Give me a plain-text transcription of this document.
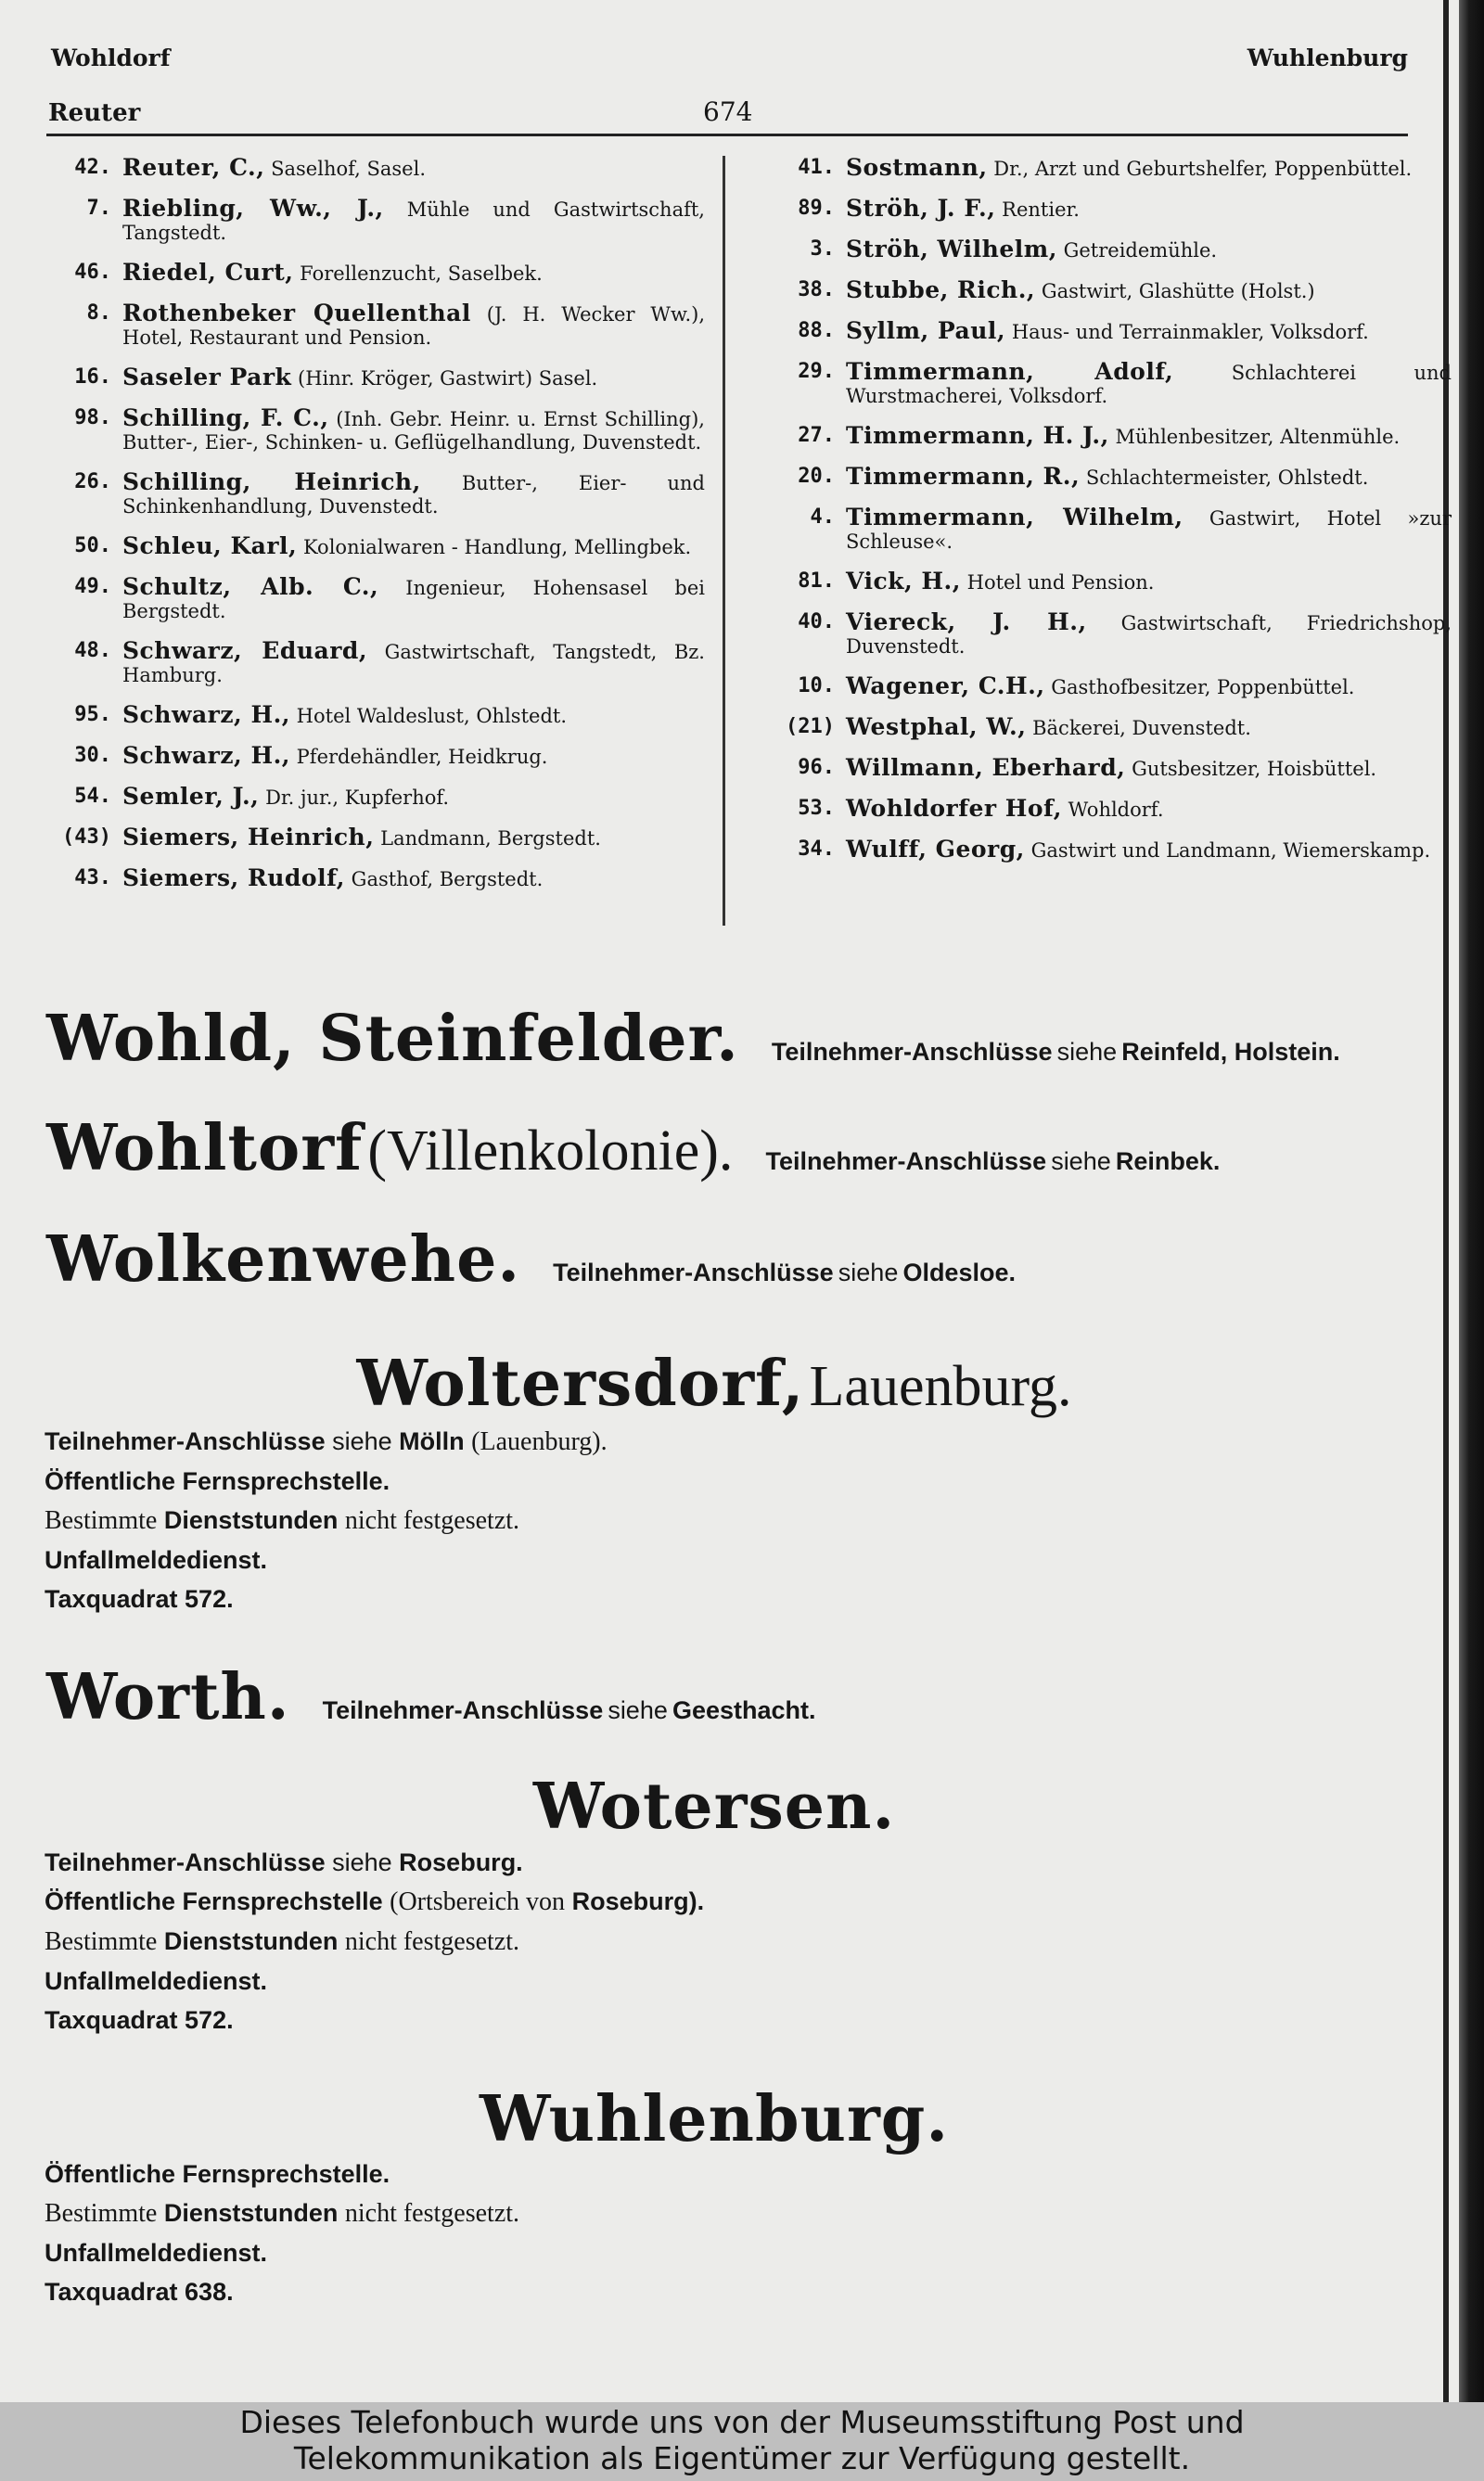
Wohldorf	Wuhlenburg
Reuter	674
42. Reuter, C., Saselhof, Sasel.
7. Riebling, Ww., J., Mühle und Gastwirtschaft, Tangstedt.
46. Riedel, Curt, Forellenzucht, Saselbek.
8. Rothenbeker Quellenthal (J. H. Wecker Ww.), Hotel, Restaurant und Pension.
16. Saseler Park (Hinr. Kröger, Gastwirt) Sasel.
98. Schilling, F. C., (Inh. Gebr. Heinr. u. Ernst Schilling), Butter-, Eier-, Schinken- u. Geflügelhandlung, Duvenstedt.
26. Schilling, Heinrich, Butter-, Eier- und Schinkenhandlung, Duvenstedt.
50. Schleu, Karl, Kolonialwaren - Handlung, Mellingbek.
49. Schultz, Alb. C., Ingenieur, Hohensasel bei Bergstedt.
48. Schwarz, Eduard, Gastwirtschaft, Tangstedt, Bz. Hamburg.
95. Schwarz, H., Hotel Waldeslust, Ohlstedt.
30. Schwarz, H., Pferdehändler, Heidkrug.
54. Semler, J., Dr. jur., Kupferhof.
(43) Siemers, Heinrich, Landmann, Bergstedt.
43. Siemers, Rudolf, Gasthof, Bergstedt.
41. Sostmann, Dr., Arzt und Geburtshelfer, Poppenbüttel.
89. Ströh, J. F., Rentier.
3. Ströh, Wilhelm, Getreidemühle.
38. Stubbe, Rich., Gastwirt, Glashütte (Holst.)
88. Syllm, Paul, Haus- und Terrainmakler, Volksdorf.
29. Timmermann, Adolf,	Schlachterei und Wurstmacherei, Volksdorf.
27. Timmermann, H. J., Mühlenbesitzer, Altenmühle.
20. Timmermann, R., Schlachtermeister, Ohlstedt.
4. Timmermann, Wilhelm, Gastwirt, Hotel »zur Schleuse«.
81. Vick, H., Hotel und Pension.
40. Viereck, J. H., Gastwirtschaft, Friedrichshop, Duvenstedt.
10. Wagener, C.H., Gasthofbesitzer, Poppenbüttel.
(21) Westphal, W., Bäckerei, Duvenstedt.
96. Willmann, Eberhard, Gutsbesitzer, Hoisbüttel.
53. Wohldorfer Hof, Wohldorf.
34. Wulff, Georg, Gastwirt und Landmann, Wiemerskamp.
Wohld, Steinfelder. Teilnehmer-Anschlüsse siehe Reinfeld, Holstein.
Wohltorf (Villenkolonie). Teilnehmer-Anschlüsse siehe Reinbek.
Wolkenwehe. Teilnehmer-Anschlüsse siehe Oldesloe.
Woltersdorf, Lauenburg.
Teilnehmer-Anschlüsse siehe Mölln (Lauenburg).
Öffentliche Fernsprechstelle.
Bestimmte Dienststunden nicht festgesetzt.
Unfallmeldedienst.
Taxquadrat 572.
Worth. Teilnehmer-Anschlüsse siehe Geesthacht.
Wotersen.
Teilnehmer-Anschlüsse siehe Roseburg.
Öffentliche Fernsprechstelle (Ortsbereich von Roseburg).
Bestimmte Dienststunden nicht festgesetzt.
Unfallmeldedienst.
Taxquadrat 572.
Wuhlenburg.
Öffentliche Fernsprechstelle.
Bestimmte Dienststunden nicht festgesetzt.
Unfallmeldedienst.
Taxquadrat 638.
Dieses Telefonbuch wurde uns von der Museumsstiftung Post und
Telekommunikation als Eigentümer zur Verfügung gestellt.
